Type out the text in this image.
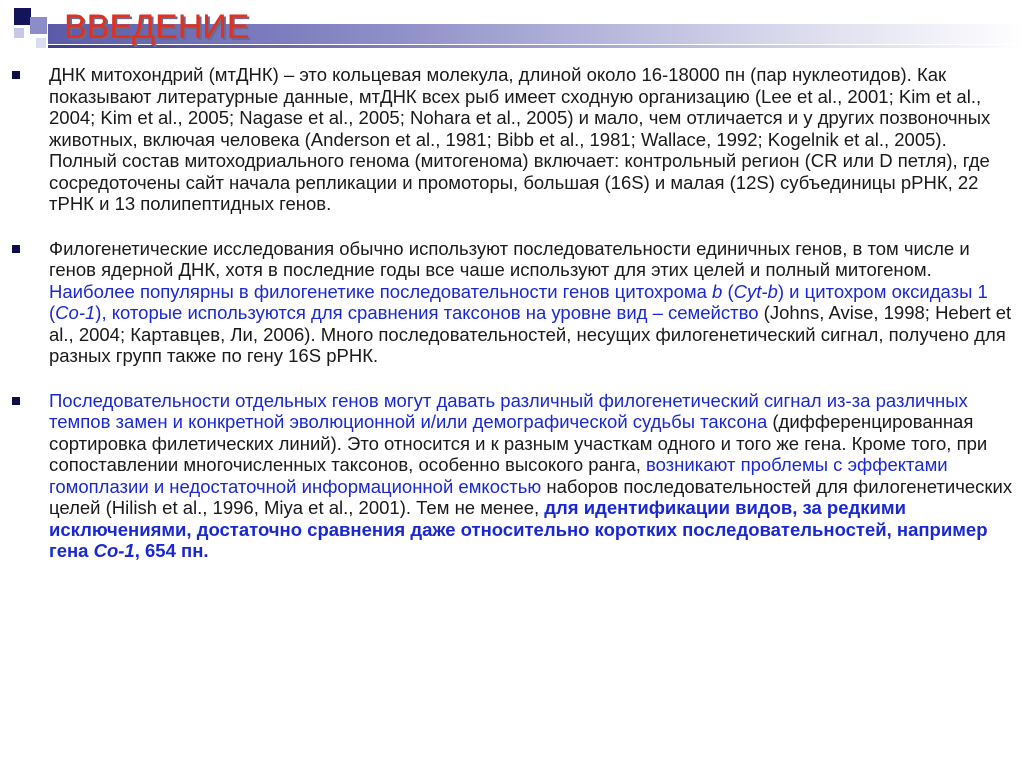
ВВЕДЕНИЕ

ДНК митохондрий (мтДНК) – это кольцевая молекула, длиной около 16-18000 пн (пар нуклеотидов). Как показывают литературные данные, мтДНК всех рыб имеет сходную организацию (Lee et al., 2001; Kim et al., 2004; Kim et al., 2005; Nagase et al., 2005; Nohara et al., 2005) и мало, чем отличается и у других позвоночных животных, включая человека (Anderson et al., 1981; Bibb et al., 1981; Wallace, 1992; Kogelnik et al., 2005). Полный состав митоходриального генома (митогенома) включает: контрольный регион (CR или D петля), где сосредоточены сайт начала репликации и промоторы, большая (16S) и малая (12S) субъединицы рРНК, 22 тРНК и 13 полипептидных генов.

Филогенетические исследования обычно используют последовательности единичных генов, в том числе и генов ядерной ДНК, хотя в последние годы все чаше используют для этих целей и полный митогеном. Наиболее популярны в филогенетике последовательности генов цитохрома b (Cyt-b) и цитохром оксидазы 1 (Co-1), которые используются для сравнения таксонов на уровне вид – семейство (Johns, Avise, 1998; Hebert et al., 2004; Картавцев, Ли, 2006). Много последовательностей, несущих филогенетический сигнал, получено для разных групп также по гену 16S рРНК.

Последовательности отдельных генов могут давать различный филогенетический сигнал из-за различных темпов замен и конкретной эволюционной и/или демографической судьбы таксона (дифференцированная сортировка филетических линий). Это относится и к разным участкам одного и того же гена. Кроме того, при сопоставлении многочисленных таксонов, особенно высокого ранга, возникают проблемы с эффектами гомоплазии и недостаточной информационной емкостью наборов последовательностей для филогенетических целей (Hilish et al., 1996, Miya et al., 2001). Тем не менее, для идентификации видов, за редкими исключениями, достаточно сравнения даже относительно коротких последовательностей, например гена Co-1, 654 пн.
